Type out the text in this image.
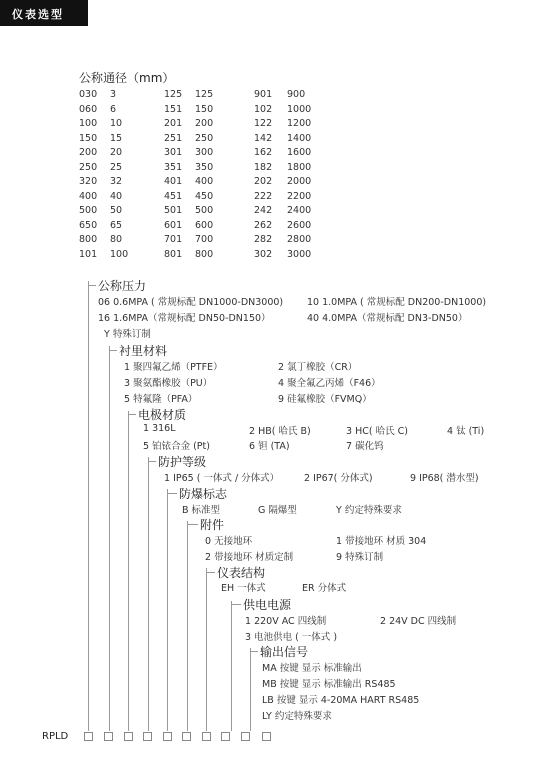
仪表选型
公称通径（mm）
030 3	125 125	901 900
060 6	151 150	102 1000
100 10	201 200	122 1200
150 15	251 250	142 1400
200 20	301 300	162 1600
250 25	351 350	182 1800
320 32	401 400	202 2000
400 40	451 450	222 2200
500 50	501 500	242 2400
650 65	601 600	262 2600
800 80	701 700	282 2800
101 100	801 800	302 3000
公称压力
06 0.6MPA ( 常规标配 DN1000-DN3000)	10 1.0MPA ( 常规标配 DN200-DN1000)
16 1.6MPA（常规标配 DN50-DN150）	40 4.0MPA（常规标配 DN3-DN50）
Y 特殊订制
衬里材料
1 聚四氟乙烯（PTFE）	2 氯丁橡胶（CR）
3 聚氨酯橡胶（PU）	4 聚全氟乙丙烯（F46）
5 特氟隆（PFA）	9 硅氟橡胶（FVMQ）
电极材质
1 316L	2 HB( 哈氏 B)	3 HC( 哈氏 C)	4 钛 (Ti)
5 铂铱合金 (Pt)	6 钽 (TA)	7 碳化钨
防护等级
1 IP65 ( 一体式 / 分体式）	2 IP67( 分体式)	9 IP68( 潜水型)
防爆标志
B 标准型	G 隔爆型	Y 约定特殊要求
附件
0 无接地环	1 带接地环 材质 304
2 带接地环 材质定制	9 特殊订制
仪表结构
EH 一体式	ER 分体式
供电电源
1 220V AC 四线制	2 24V DC 四线制
3 电池供电 ( 一体式 )
输出信号
MA 按键 显示 标准输出
MB 按键 显示 标准输出 RS485
LB 按键 显示 4-20MA HART RS485
LY 约定特殊要求
RPLD
